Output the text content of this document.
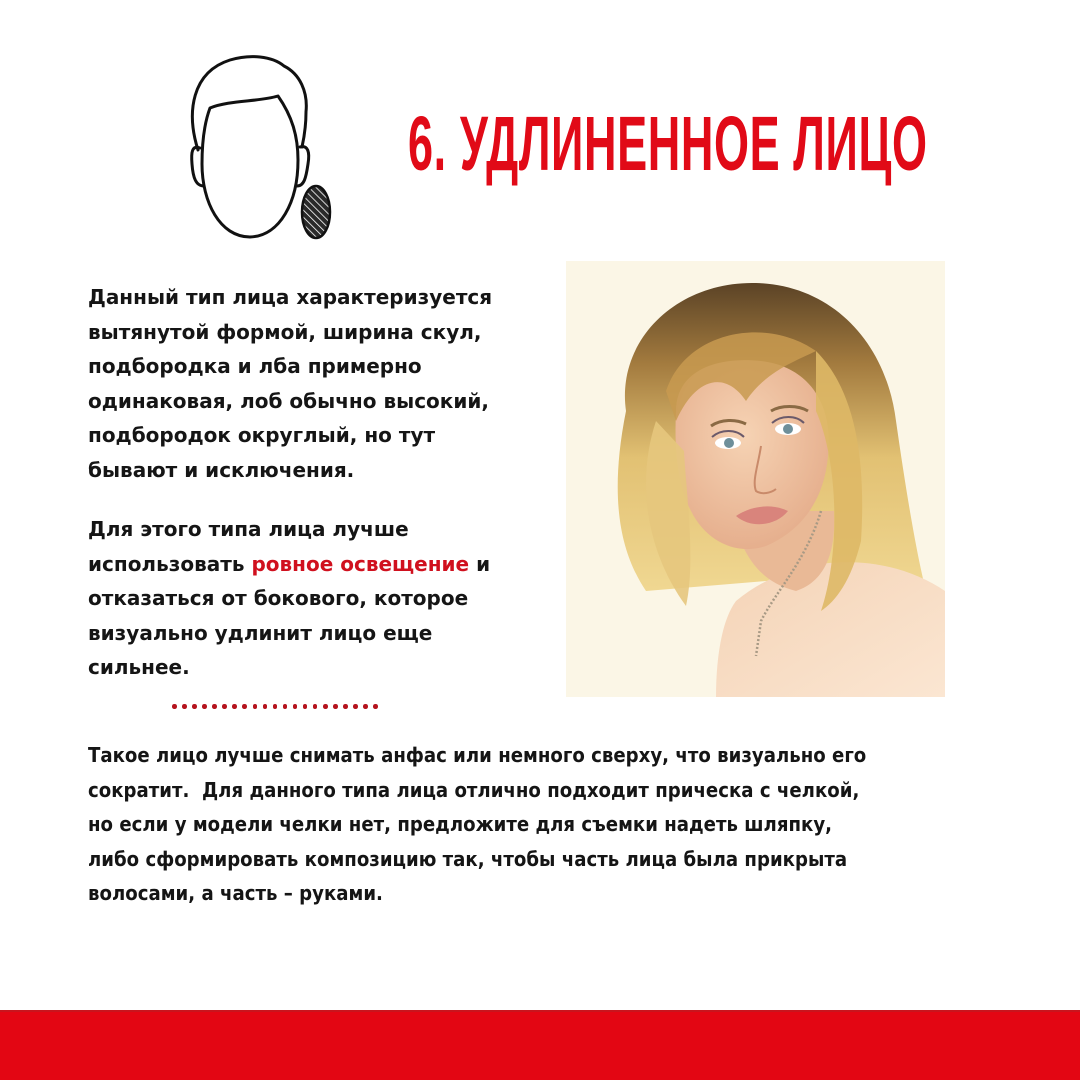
6. УДЛИНЕННОЕ ЛИЦО
Данный тип лица характеризуется
вытянутой формой, ширина скул,
подбородка и лба примерно
одинаковая, лоб обычно высокий,
подбородок округлый, но тут
бывают и исключения.
Для этого типа лица лучше
использовать ровное освещение и
отказаться от бокового, которое
визуально удлинит лицо еще
сильнее.
Такое лицо лучше снимать анфас или немного сверху, что визуально его
сократит.  Для данного типа лица отлично подходит прическа с челкой,
но если у модели челки нет, предложите для съемки надеть шляпку,
либо сформировать композицию так, чтобы часть лица была прикрыта
волосами, а часть – руками.
